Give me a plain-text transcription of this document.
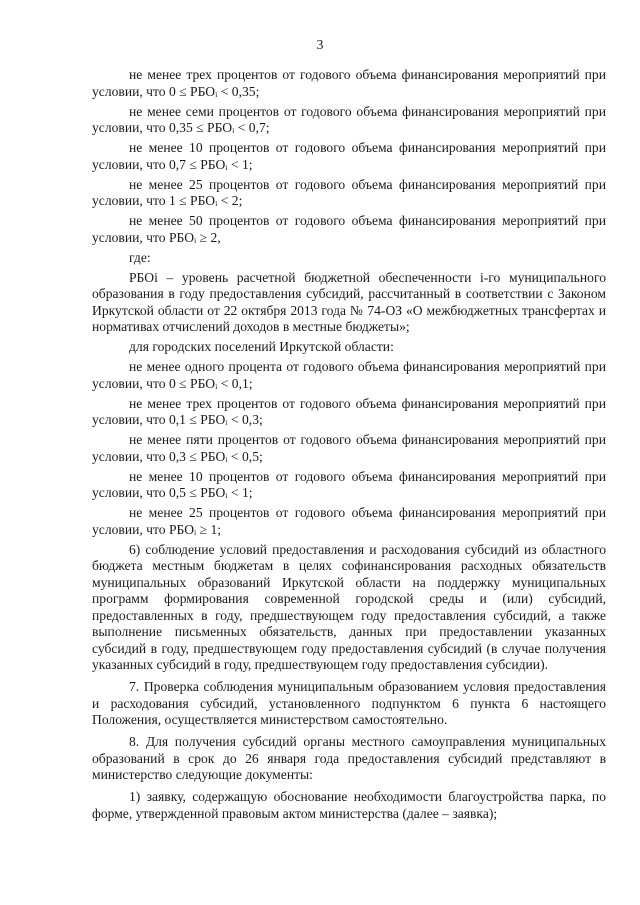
3

не менее трех процентов от годового объема финансирования мероприятий при условии, что 0 ≤ РБОᵢ < 0,35;

не менее семи процентов от годового объема финансирования мероприятий при условии, что 0,35 ≤ РБОᵢ < 0,7;

не менее 10 процентов от годового объема финансирования мероприятий при условии, что 0,7 ≤ РБОᵢ < 1;

не менее 25 процентов от годового объема финансирования мероприятий при условии, что 1 ≤ РБОᵢ < 2;

не менее 50 процентов от годового объема финансирования мероприятий при условии, что РБОᵢ ≥ 2,

где:

РБОi – уровень расчетной бюджетной обеспеченности i-го муниципального образования в году предоставления субсидий, рассчитанный в соответствии с Законом Иркутской области от 22 октября 2013 года № 74-ОЗ «О межбюджетных трансфертах и нормативах отчислений доходов в местные бюджеты»;

для городских поселений Иркутской области:

не менее одного процента от годового объема финансирования мероприятий при условии, что 0 ≤ РБОᵢ < 0,1;

не менее трех процентов от годового объема финансирования мероприятий при условии, что 0,1 ≤ РБОᵢ < 0,3;

не менее пяти процентов от годового объема финансирования мероприятий при условии, что 0,3 ≤ РБОᵢ < 0,5;

не менее 10 процентов от годового объема финансирования мероприятий при условии, что 0,5 ≤ РБОᵢ < 1;

не менее 25 процентов от годового объема финансирования мероприятий при условии, что РБОᵢ ≥ 1;

6) соблюдение условий предоставления и расходования субсидий из областного бюджета местным бюджетам в целях софинансирования расходных обязательств муниципальных образований Иркутской области на поддержку муниципальных программ формирования современной городской среды и (или) субсидий, предоставленных в году, предшествующем году предоставления субсидий, а также выполнение письменных обязательств, данных при предоставлении указанных субсидий в году, предшествующем году предоставления субсидий (в случае получения указанных субсидий в году, предшествующем году предоставления субсидии).

7. Проверка соблюдения муниципальным образованием условия предоставления и расходования субсидий, установленного подпунктом 6 пункта 6 настоящего Положения, осуществляется министерством самостоятельно.

8. Для получения субсидий органы местного самоуправления муниципальных образований в срок до 26 января года предоставления субсидий представляют в министерство следующие документы:

1) заявку, содержащую обоснование необходимости благоустройства парка, по форме, утвержденной правовым актом министерства (далее – заявка);
